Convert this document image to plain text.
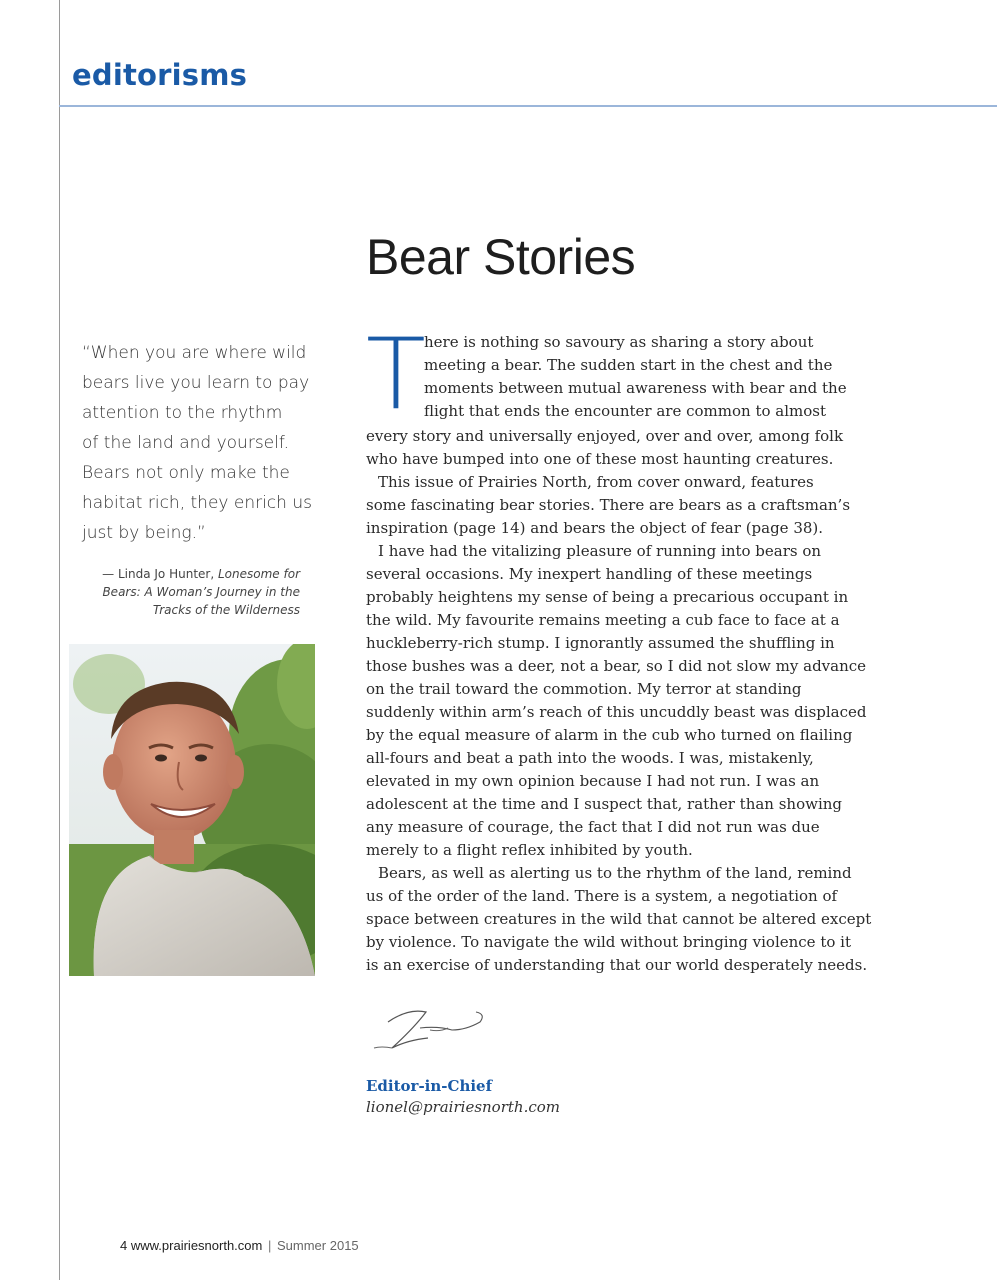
editorisms
Bear Stories
“When you are where wild
bears live you learn to pay
attention to the rhythm
of the land and yourself.
Bears not only make the
habitat rich, they enrich us
just by being.”

— Linda Jo Hunter, Lonesome for
Bears: A Woman’s Journey in the
Tracks of the Wilderness

T
here is nothing so savoury as sharing a story about
meeting a bear. The sudden start in the chest and the
moments between mutual awareness with bear and the
flight that ends the encounter are common to almost
every story and universally enjoyed, over and over, among folk
who have bumped into one of these most haunting creatures.

This issue of Prairies North, from cover onward, features
some fascinating bear stories. There are bears as a craftsman’s
inspiration (page 14) and bears the object of fear (page 38).

I have had the vitalizing pleasure of running into bears on
several occasions. My inexpert handling of these meetings
probably heightens my sense of being a precarious occupant in
the wild. My favourite remains meeting a cub face to face at a
huckleberry-rich stump. I ignorantly assumed the shuffling in
those bushes was a deer, not a bear, so I did not slow my advance
on the trail toward the commotion. My terror at standing
suddenly within arm’s reach of this uncuddly beast was displaced
by the equal measure of alarm in the cub who turned on flailing
all-fours and beat a path into the woods. I was, mistakenly,
elevated in my own opinion because I had not run. I was an
adolescent at the time and I suspect that, rather than showing
any measure of courage, the fact that I did not run was due
merely to a flight reflex inhibited by youth.

Bears, as well as alerting us to the rhythm of the land, remind
us of the order of the land. There is a system, a negotiation of
space between creatures in the wild that cannot be altered except
by violence. To navigate the wild without bringing violence to it
is an exercise of understanding that our world desperately needs.

Editor-in-Chief

lionel@prairiesnorth.com

4 www.prairiesnorth.com | Summer 2015
